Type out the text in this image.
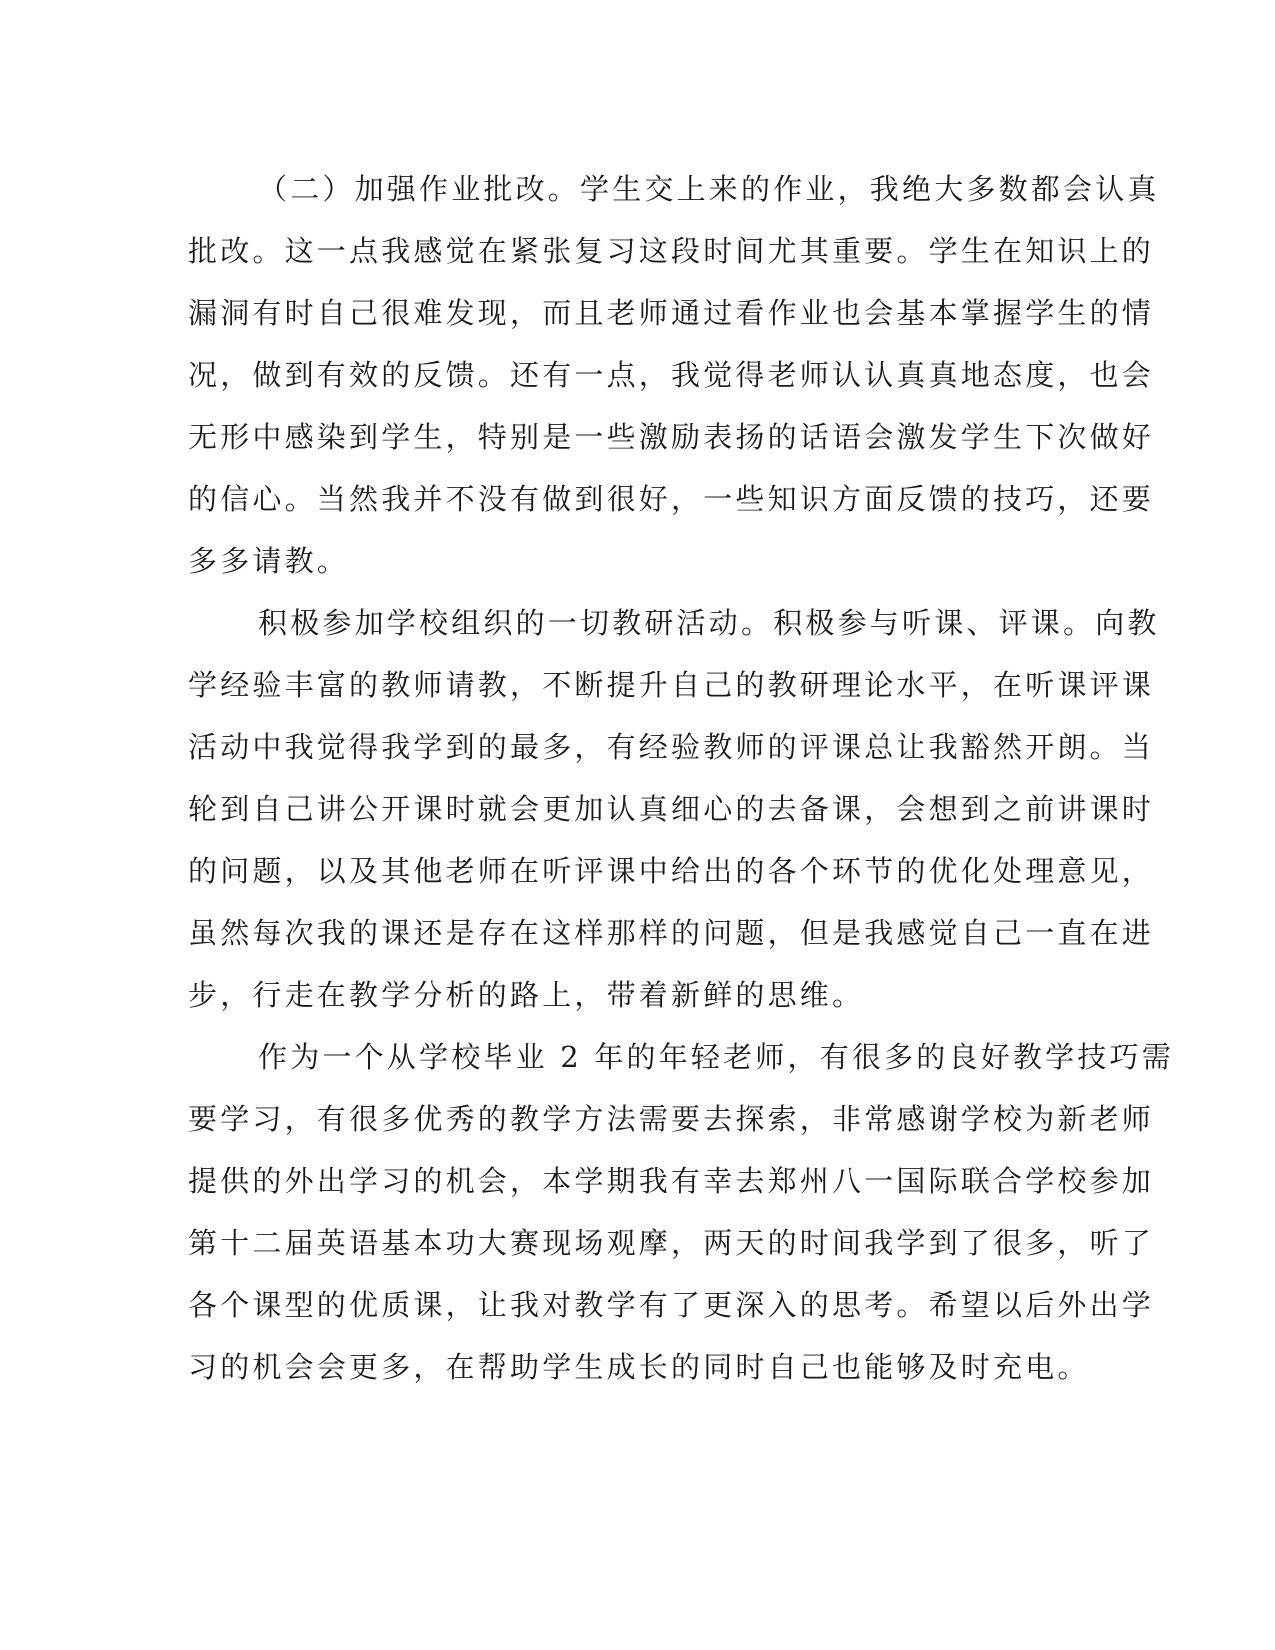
（二）加强作业批改。学生交上来的作业，我绝大多数都会认真
批改。这一点我感觉在紧张复习这段时间尤其重要。学生在知识上的
漏洞有时自己很难发现，而且老师通过看作业也会基本掌握学生的情
况，做到有效的反馈。还有一点，我觉得老师认认真真地态度，也会
无形中感染到学生，特别是一些激励表扬的话语会激发学生下次做好
的信心。当然我并不没有做到很好，一些知识方面反馈的技巧，还要
多多请教。
积极参加学校组织的一切教研活动。积极参与听课、评课。向教
学经验丰富的教师请教，不断提升自己的教研理论水平，在听课评课
活动中我觉得我学到的最多，有经验教师的评课总让我豁然开朗。当
轮到自己讲公开课时就会更加认真细心的去备课，会想到之前讲课时
的问题，以及其他老师在听评课中给出的各个环节的优化处理意见，
虽然每次我的课还是存在这样那样的问题，但是我感觉自己一直在进
步，行走在教学分析的路上，带着新鲜的思维。
作为一个从学校毕业 2 年的年轻老师，有很多的良好教学技巧需
要学习，有很多优秀的教学方法需要去探索，非常感谢学校为新老师
提供的外出学习的机会，本学期我有幸去郑州八一国际联合学校参加
第十二届英语基本功大赛现场观摩，两天的时间我学到了很多，听了
各个课型的优质课，让我对教学有了更深入的思考。希望以后外出学
习的机会会更多，在帮助学生成长的同时自己也能够及时充电。
